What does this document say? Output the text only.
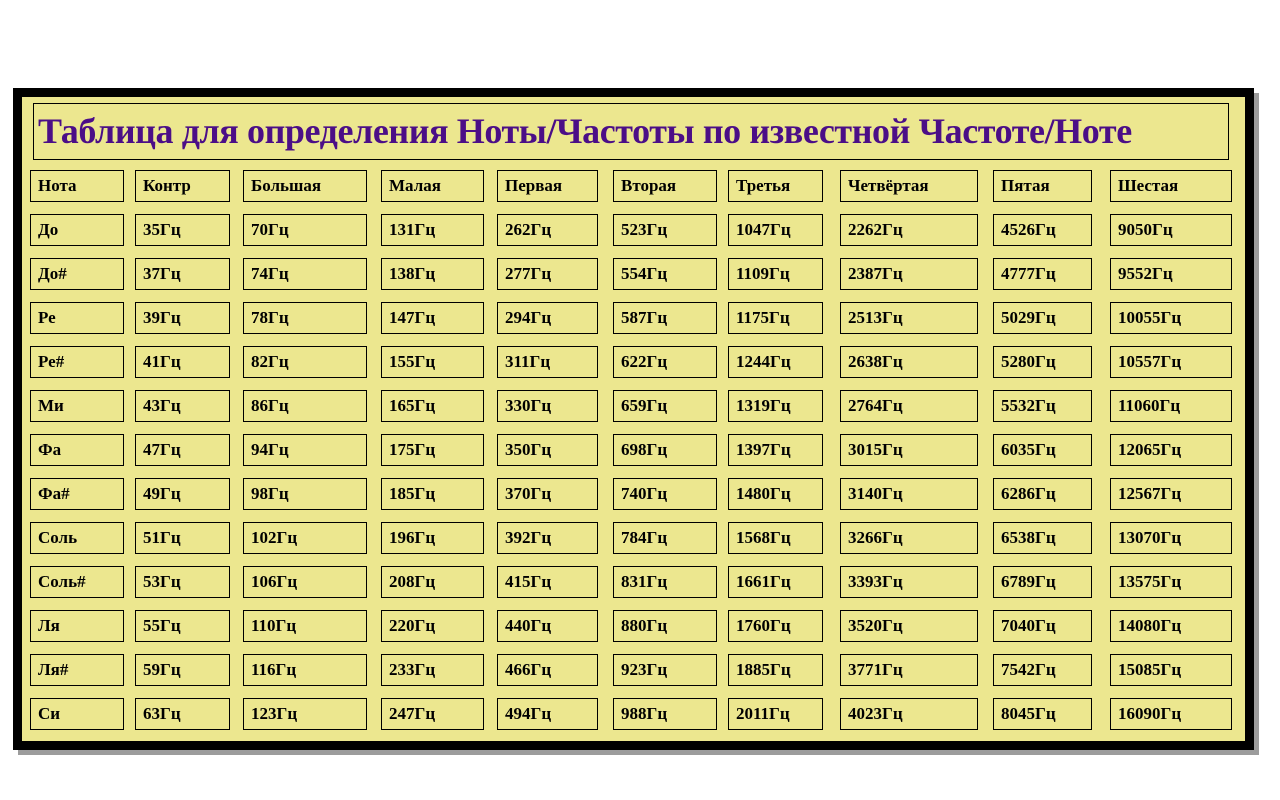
Таблица для определения Ноты/Частоты по известной Частоте/Ноте
Нота	Контр	Большая	Малая	Первая	Вторая	Третья	Четвёртая	Пятая	Шестая
До	35Гц	70Гц	131Гц	262Гц	523Гц	1047Гц	2262Гц	4526Гц	9050Гц
До#	37Гц	74Гц	138Гц	277Гц	554Гц	1109Гц	2387Гц	4777Гц	9552Гц
Ре	39Гц	78Гц	147Гц	294Гц	587Гц	1175Гц	2513Гц	5029Гц	10055Гц
Ре#	41Гц	82Гц	155Гц	311Гц	622Гц	1244Гц	2638Гц	5280Гц	10557Гц
Ми	43Гц	86Гц	165Гц	330Гц	659Гц	1319Гц	2764Гц	5532Гц	11060Гц
Фа	47Гц	94Гц	175Гц	350Гц	698Гц	1397Гц	3015Гц	6035Гц	12065Гц
Фа#	49Гц	98Гц	185Гц	370Гц	740Гц	1480Гц	3140Гц	6286Гц	12567Гц
Соль	51Гц	102Гц	196Гц	392Гц	784Гц	1568Гц	3266Гц	6538Гц	13070Гц
Соль#	53Гц	106Гц	208Гц	415Гц	831Гц	1661Гц	3393Гц	6789Гц	13575Гц
Ля	55Гц	110Гц	220Гц	440Гц	880Гц	1760Гц	3520Гц	7040Гц	14080Гц
Ля#	59Гц	116Гц	233Гц	466Гц	923Гц	1885Гц	3771Гц	7542Гц	15085Гц
Си	63Гц	123Гц	247Гц	494Гц	988Гц	2011Гц	4023Гц	8045Гц	16090Гц
